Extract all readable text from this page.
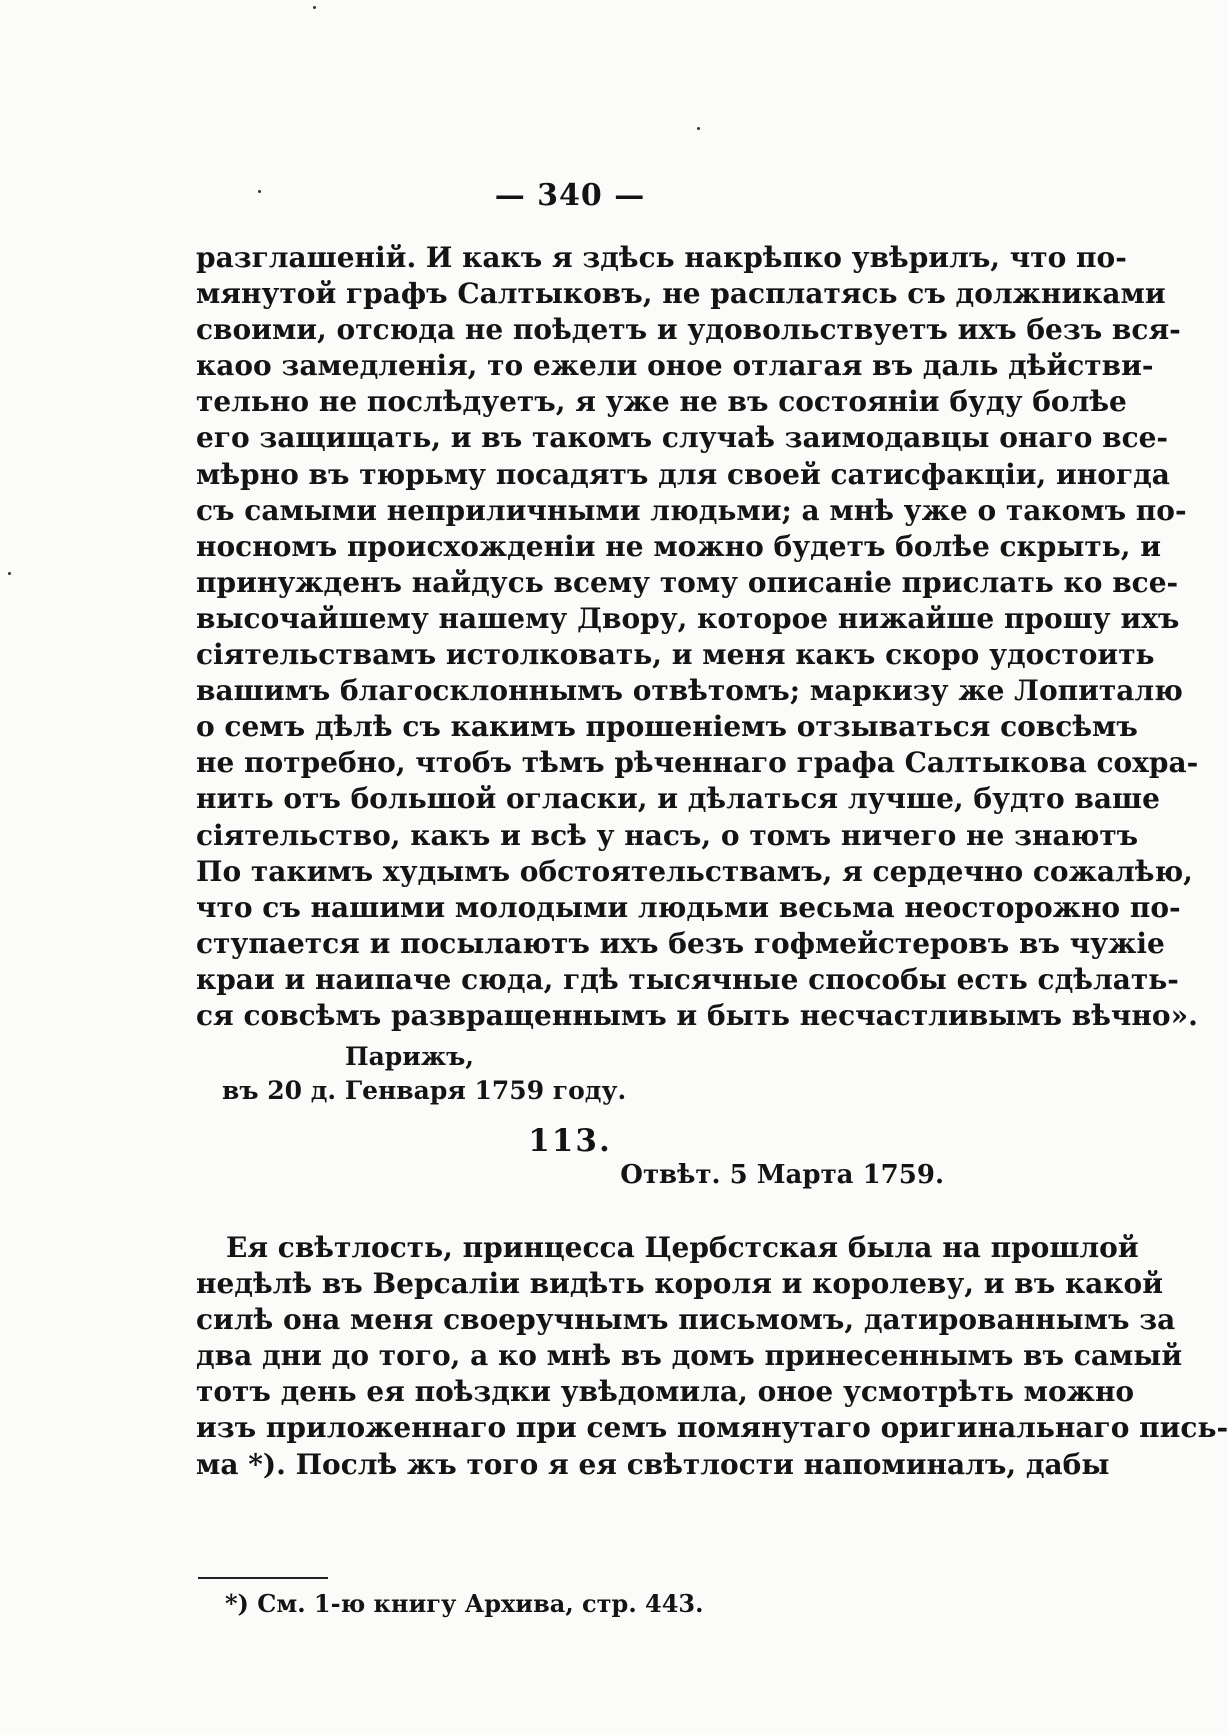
— 340 —
разглашеній. И какъ я здѣсь накрѣпко увѣрилъ, что по-
мянутой графъ Салтыковъ, не расплатясь съ должниками
своими, отсюда не поѣдетъ и удовольствуетъ ихъ безъ вся-
каоо замедленія, то ежели оное отлагая въ даль дѣйстви-
тельно не послѣдуетъ, я уже не въ состояніи буду болѣе
его защищать, и въ такомъ случаѣ заимодавцы онаго все-
мѣрно въ тюрьму посадятъ для своей сатисфакціи, иногда
съ самыми неприличными людьми; а мнѣ уже о такомъ по-
носномъ происхожденіи не можно будетъ болѣе скрыть, и
принужденъ найдусь всему тому описаніе прислать ко все-
высочайшему нашему Двору, которое нижайше прошу ихъ
сіятельствамъ истолковать, и меня какъ скоро удостоить
вашимъ благосклоннымъ отвѣтомъ; маркизу же Лопиталю
о семъ дѣлѣ съ какимъ прошеніемъ отзываться совсѣмъ
не потребно, чтобъ тѣмъ рѣченнаго графа Салтыкова сохра-
нить отъ большой огласки, и дѣлаться лучше, будто ваше
сіятельство, какъ и всѣ у насъ, о томъ ничего не знаютъ
По такимъ худымъ обстоятельствамъ, я сердечно сожалѣю,
что съ нашими молодыми людьми весьма неосторожно по-
ступается и посылаютъ ихъ безъ гофмейстеровъ въ чужіе
краи и наипаче сюда, гдѣ тысячные способы есть сдѣлать-
ся совсѣмъ развращеннымъ и быть несчастливымъ вѣчно».
Парижъ,
въ 20 д. Генваря 1759 году.
113.
Отвѣт. 5 Марта 1759.
Ея свѣтлость, принцесса Цербстская была на прошлой
недѣлѣ въ Версаліи видѣть короля и королеву, и въ какой
силѣ она меня своеручнымъ письмомъ, датированнымъ за
два дни до того, а ко мнѣ въ домъ принесеннымъ въ самый
тотъ день ея поѣздки увѣдомила, оное усмотрѣть можно
изъ приложеннаго при семъ помянутаго оригинальнаго пись-
ма *). Послѣ жъ того я ея свѣтлости напоминалъ, дабы
*) См. 1-ю книгу Архива, стр. 443.
